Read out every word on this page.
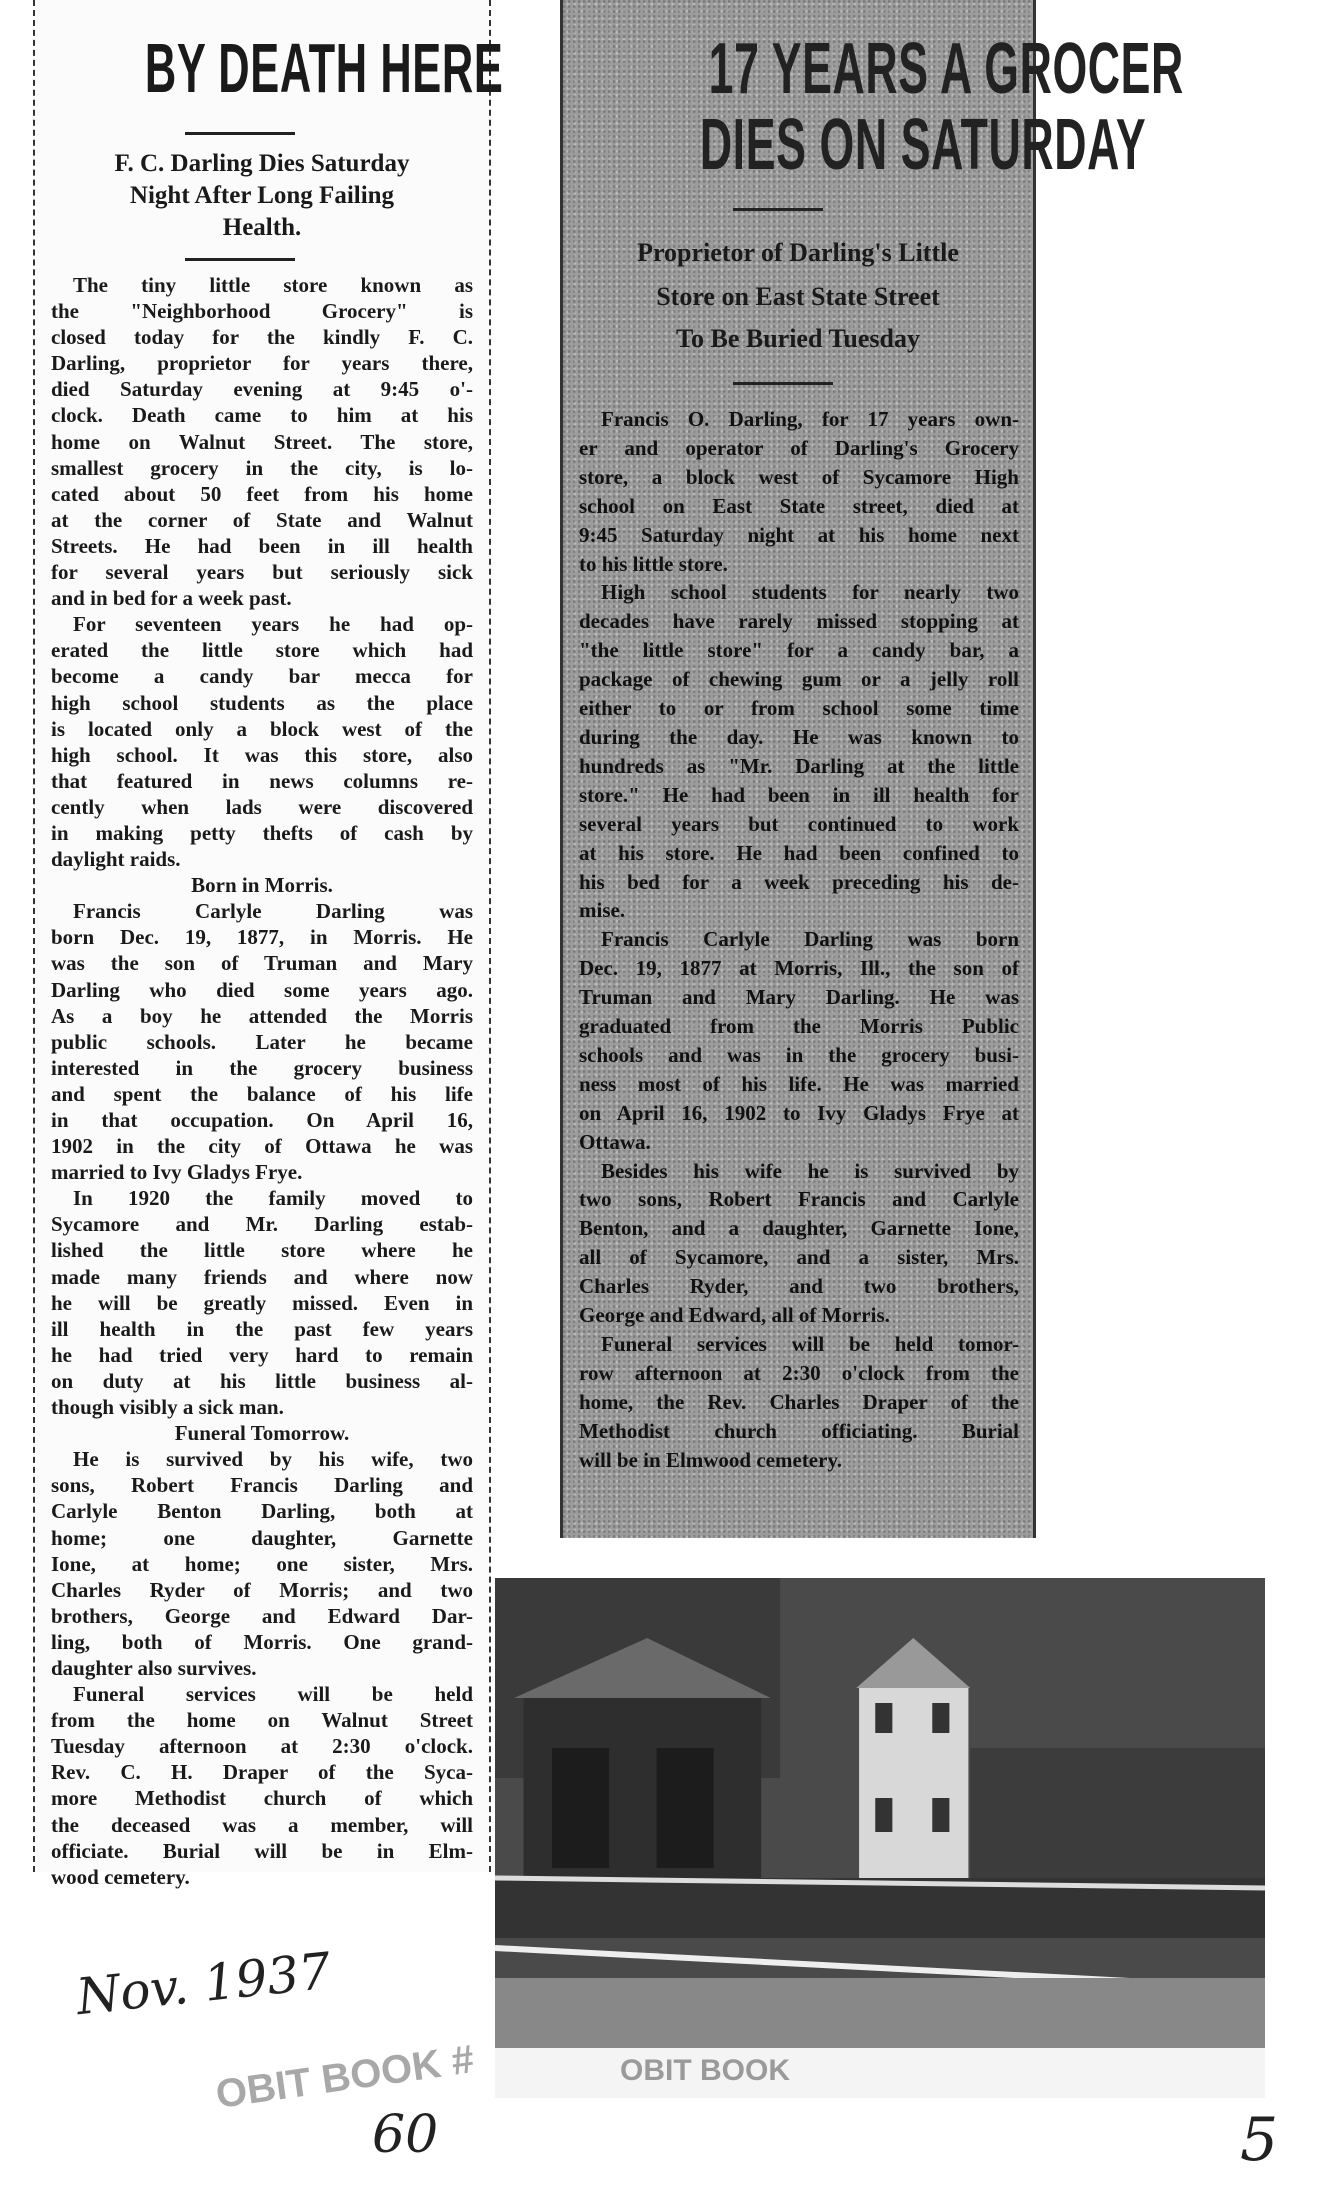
BY DEATH HERE
F. C. Darling Dies Saturday
Night After Long Failing
Health.
The tiny little store known as
the "Neighborhood Grocery" is
closed today for the kindly F. C.
Darling, proprietor for years there,
died Saturday evening at 9:45 o'-
clock. Death came to him at his
home on Walnut Street. The store,
smallest grocery in the city, is lo-
cated about 50 feet from his home
at the corner of State and Walnut
Streets. He had been in ill health
for several years but seriously sick
and in bed for a week past.
For seventeen years he had op-
erated the little store which had
become a candy bar mecca for
high school students as the place
is located only a block west of the
high school. It was this store, also
that featured in news columns re-
cently when lads were discovered
in making petty thefts of cash by
daylight raids.
Born in Morris.
Francis Carlyle Darling was
born Dec. 19, 1877, in Morris. He
was the son of Truman and Mary
Darling who died some years ago.
As a boy he attended the Morris
public schools. Later he became
interested in the grocery business
and spent the balance of his life
in that occupation. On April 16,
1902 in the city of Ottawa he was
married to Ivy Gladys Frye.
In 1920 the family moved to
Sycamore and Mr. Darling estab-
lished the little store where he
made many friends and where now
he will be greatly missed. Even in
ill health in the past few years
he had tried very hard to remain
on duty at his little business al-
though visibly a sick man.
Funeral Tomorrow.
He is survived by his wife, two
sons, Robert Francis Darling and
Carlyle Benton Darling, both at
home; one daughter, Garnette
Ione, at home; one sister, Mrs.
Charles Ryder of Morris; and two
brothers, George and Edward Dar-
ling, both of Morris. One grand-
daughter also survives.
Funeral services will be held
from the home on Walnut Street
Tuesday afternoon at 2:30 o'clock.
Rev. C. H. Draper of the Syca-
more Methodist church of which
the deceased was a member, will
officiate. Burial will be in Elm-
wood cemetery.
17 YEARS A GROCER
DIES ON SATURDAY
Proprietor of Darling's Little
Store on East State Street
To Be Buried Tuesday
Francis O. Darling, for 17 years own-
er and operator of Darling's Grocery
store, a block west of Sycamore High
school on East State street, died at
9:45 Saturday night at his home next
to his little store.
High school students for nearly two
decades have rarely missed stopping at
"the little store" for a candy bar, a
package of chewing gum or a jelly roll
either to or from school some time
during the day. He was known to
hundreds as "Mr. Darling at the little
store." He had been in ill health for
several years but continued to work
at his store. He had been confined to
his bed for a week preceding his de-
mise.
Francis Carlyle Darling was born
Dec. 19, 1877 at Morris, Ill., the son of
Truman and Mary Darling. He was
graduated from the Morris Public
schools and was in the grocery busi-
ness most of his life. He was married
on April 16, 1902 to Ivy Gladys Frye at
Ottawa.
Besides his wife he is survived by
two sons, Robert Francis and Carlyle
Benton, and a daughter, Garnette Ione,
all of Sycamore, and a sister, Mrs.
Charles Ryder, and two brothers,
George and Edward, all of Morris.
Funeral services will be held tomor-
row afternoon at 2:30 o'clock from the
home, the Rev. Charles Draper of the
Methodist church officiating. Burial
will be in Elmwood cemetery.
OBIT BOOK
Nov. 1937
OBIT BOOK #
60	5
